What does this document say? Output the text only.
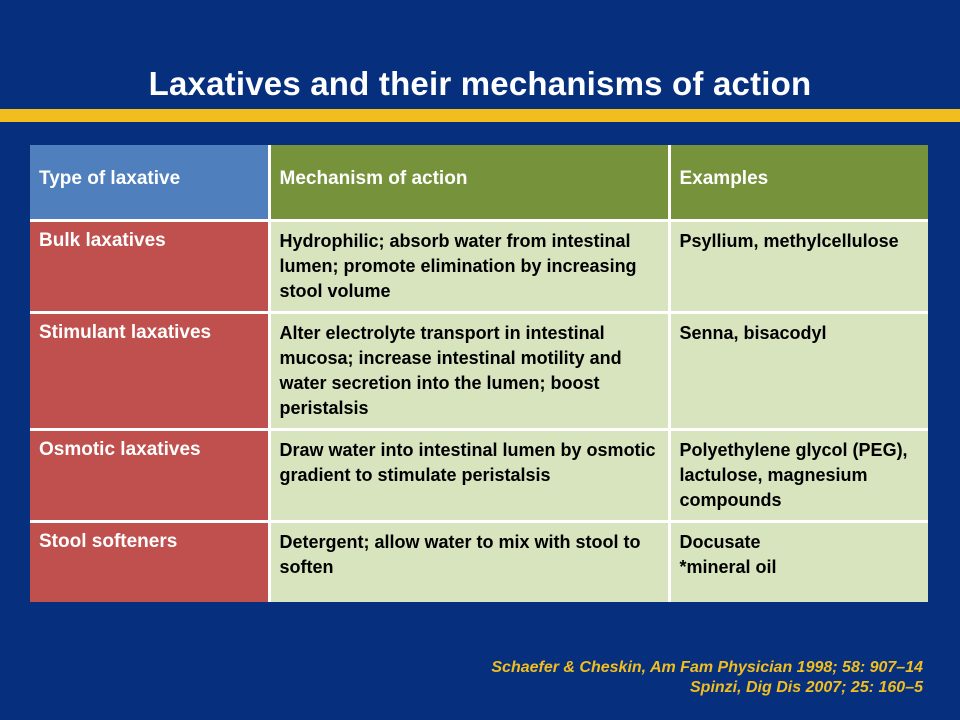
Laxatives and their mechanisms of action
Type of laxative	Mechanism of action	Examples
Bulk laxatives	Hydrophilic; absorb water from intestinal lumen; promote elimination by increasing stool volume	Psyllium, methylcellulose
Stimulant laxatives	Alter electrolyte transport in intestinal mucosa; increase intestinal motility and water secretion into the lumen; boost peristalsis	Senna, bisacodyl
Osmotic laxatives	Draw water into intestinal lumen by osmotic gradient to stimulate peristalsis	Polyethylene glycol (PEG), lactulose, magnesium compounds
Stool softeners	Detergent; allow water to mix with stool to soften	Docusate
*mineral oil
Schaefer & Cheskin, Am Fam Physician 1998; 58: 907–14
Spinzi, Dig Dis 2007; 25: 160–5
